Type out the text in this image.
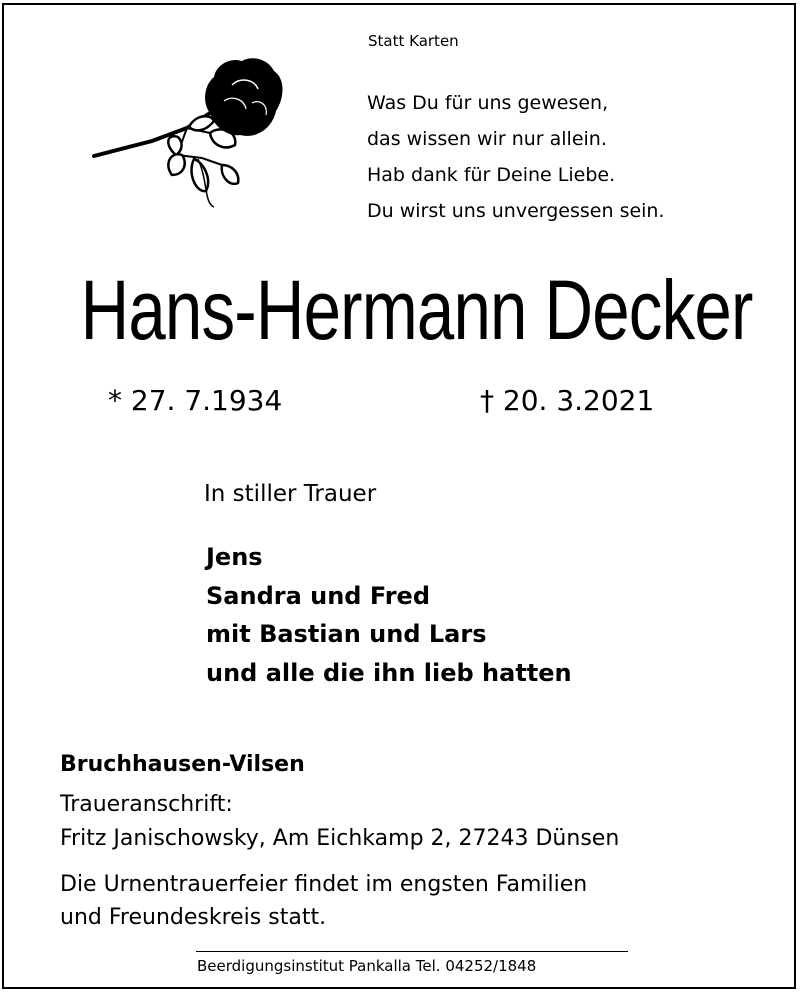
Statt Karten
Was Du für uns gewesen,
das wissen wir nur allein.
Hab dank für Deine Liebe.
Du wirst uns unvergessen sein.
Hans-Hermann Decker
* 27. 7.1934	† 20. 3.2021
In stiller Trauer
Jens
Sandra und Fred
mit Bastian und Lars
und alle die ihn lieb hatten
Bruchhausen-Vilsen
Traueranschrift:
Fritz Janischowsky, Am Eichkamp 2, 27243 Dünsen
Die Urnentrauerfeier findet im engsten Familien
und Freundeskreis statt.
Beerdigungsinstitut Pankalla Tel. 04252/1848
